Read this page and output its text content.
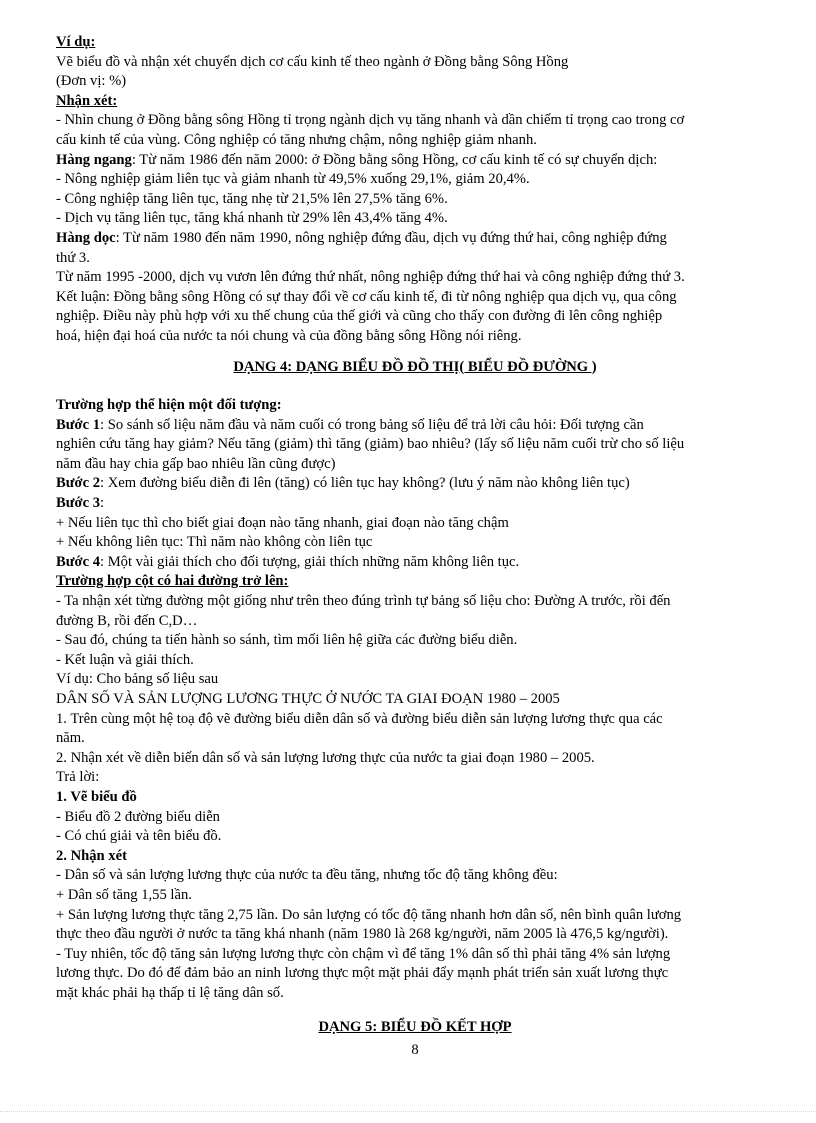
Ví dụ:
Vẽ biểu đồ và nhận xét chuyển dịch cơ cấu kinh tế theo ngành ở Đồng bằng Sông Hồng
(Đơn vị: %)
Nhận xét:
- Nhìn chung ở Đồng bằng sông Hồng tỉ trọng ngành dịch vụ tăng nhanh và dần chiếm tỉ trọng cao trong cơ
cấu kinh tế của vùng. Công nghiệp có tăng nhưng chậm, nông nghiệp giảm nhanh.
Hàng ngang: Từ năm 1986 đến năm 2000: ở Đồng bằng sông Hồng, cơ cấu kinh tế có sự chuyển dịch:
- Nông nghiệp giảm liên tục và giảm nhanh từ 49,5% xuống 29,1%, giảm 20,4%.
- Công nghiệp tăng liên tục, tăng nhẹ từ 21,5% lên 27,5% tăng 6%.
- Dịch vụ tăng liên tục, tăng khá nhanh từ 29% lên 43,4% tăng 4%.
Hàng dọc: Từ năm 1980 đến năm 1990, nông nghiệp đứng đầu, dịch vụ đứng thứ hai, công nghiệp đứng
thứ 3.
Từ năm 1995 -2000, dịch vụ vươn lên đứng thứ nhất, nông nghiệp đứng thứ hai và công nghiệp đứng thứ 3.
Kết luận: Đồng bằng sông Hồng có sự thay đổi về cơ cấu kinh tế, đi từ nông nghiệp qua dịch vụ, qua công
nghiệp. Điều này phù hợp với xu thế chung của thế giới và cũng cho thấy con đường đi lên công nghiệp
hoá, hiện đại hoá của nước ta nói chung và của đồng bằng sông Hồng nói riêng.
DẠNG 4: DẠNG BIỂU ĐỒ ĐỒ THỊ( BIỂU ĐỒ ĐƯỜNG )
Trường hợp thể hiện một đối tượng:
Bước 1: So sánh số liệu năm đầu và năm cuối có trong bảng số liệu để trả lời câu hỏi: Đối tượng cần
nghiên cứu tăng hay giảm? Nếu tăng (giảm) thì tăng (giảm) bao nhiêu? (lấy số liệu năm cuối trừ cho số liệu
năm đầu hay chia gấp bao nhiêu lần cũng được)
Bước 2: Xem đường biểu diễn đi lên (tăng) có liên tục hay không? (lưu ý năm nào không liên tục)
Bước 3:
+ Nếu liên tục thì cho biết giai đoạn nào tăng nhanh, giai đoạn nào tăng chậm
+ Nếu không liên tục: Thì năm nào không còn liên tục
Bước 4: Một vài giải thích cho đối tượng, giải thích những năm không liên tục.
Trường hợp cột có hai đường trở lên:
- Ta nhận xét từng đường một giống như trên theo đúng trình tự bảng số liệu cho: Đường A trước, rồi đến
đường B, rồi đến C,D…
- Sau đó, chúng ta tiến hành so sánh, tìm mối liên hệ giữa các đường biểu diễn.
- Kết luận và giải thích.
Ví dụ: Cho bảng số liệu sau
DÂN SỐ VÀ SẢN LƯỢNG LƯƠNG THỰC Ở NƯỚC TA GIAI ĐOẠN 1980 – 2005
1. Trên cùng một hệ toạ độ vẽ đường biểu diễn dân số và đường biểu diễn sản lượng lương thực qua các
năm.
2. Nhận xét về diễn biến dân số và sản lượng lương thực của nước ta giai đoạn 1980 – 2005.
Trả lời:
1. Vẽ biểu đồ
- Biểu đồ 2 đường biểu diễn
- Có chú giải và tên biểu đồ.
2. Nhận xét
- Dân số và sản lượng lương thực của nước ta đều tăng, nhưng tốc độ tăng không đều:
+ Dân số tăng 1,55 lần.
+ Sản lượng lương thực tăng 2,75 lần. Do sản lượng có tốc độ tăng nhanh hơn dân số, nên bình quân lương
thực theo đầu người ở nước ta tăng khá nhanh (năm 1980 là 268 kg/người, năm 2005 là 476,5 kg/người).
- Tuy nhiên, tốc độ tăng sản lượng lương thực còn chậm vì để tăng 1% dân số thì phải tăng 4% sản lượng
lương thực. Do đó để đảm bảo an ninh lương thực một mặt phải đẩy mạnh phát triển sản xuất lương thực
mặt khác phải hạ thấp tỉ lệ tăng dân số.
DẠNG 5: BIỂU ĐỒ KẾT HỢP
8
